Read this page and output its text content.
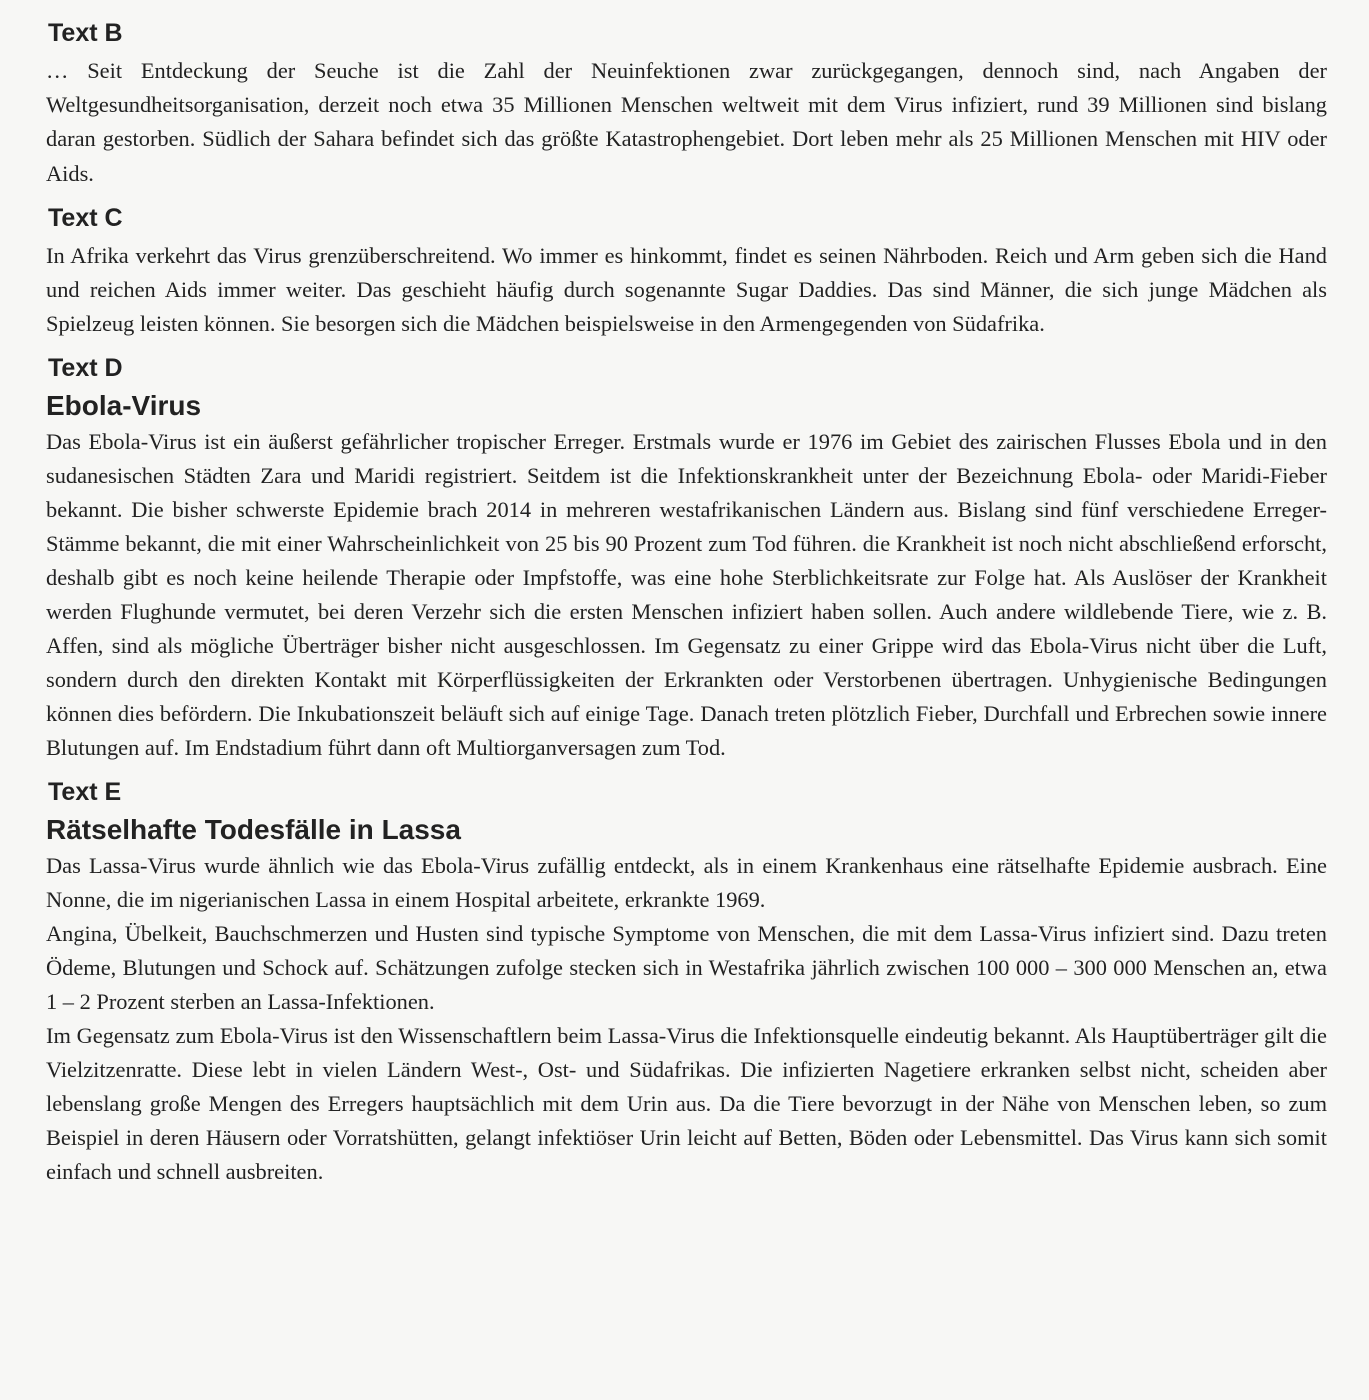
Text B

… Seit Entdeckung der Seuche ist die Zahl der Neuinfektionen zwar zurückgegangen, dennoch sind, nach Angaben der Weltgesundheitsorganisation, derzeit noch etwa 35 Millionen Menschen weltweit mit dem Virus infiziert, rund 39 Millionen sind bislang daran gestorben. Südlich der Sahara befindet sich das größte Katastrophengebiet. Dort leben mehr als 25 Millionen Menschen mit HIV oder Aids.

Text C

In Afrika verkehrt das Virus grenzüberschreitend. Wo immer es hinkommt, findet es seinen Nährboden. Reich und Arm geben sich die Hand und reichen Aids immer weiter. Das geschieht häufig durch sogenannte Sugar Daddies. Das sind Männer, die sich junge Mädchen als Spielzeug leisten können. Sie besorgen sich die Mädchen beispielsweise in den Armengegenden von Südafrika.

Text D
Ebola-Virus

Das Ebola-Virus ist ein äußerst gefährlicher tropischer Erreger. Erstmals wurde er 1976 im Gebiet des zairischen Flusses Ebola und in den sudanesischen Städten Zara und Maridi registriert. Seitdem ist die Infektionskrankheit unter der Bezeichnung Ebola- oder Maridi-Fieber bekannt. Die bisher schwerste Epidemie brach 2014 in mehreren westafrikanischen Ländern aus. Bislang sind fünf verschiedene Erreger-Stämme bekannt, die mit einer Wahrscheinlichkeit von 25 bis 90 Prozent zum Tod führen. die Krankheit ist noch nicht abschließend erforscht, deshalb gibt es noch keine heilende Therapie oder Impfstoffe, was eine hohe Sterblichkeitsrate zur Folge hat. Als Auslöser der Krankheit werden Flughunde vermutet, bei deren Verzehr sich die ersten Menschen infiziert haben sollen. Auch andere wildlebende Tiere, wie z. B. Affen, sind als mögliche Überträger bisher nicht ausgeschlossen. Im Gegensatz zu einer Grippe wird das Ebola-Virus nicht über die Luft, sondern durch den direkten Kontakt mit Körperflüssigkeiten der Erkrankten oder Verstorbenen übertragen. Unhygienische Bedingungen können dies befördern. Die Inkubationszeit beläuft sich auf einige Tage. Danach treten plötzlich Fieber, Durchfall und Erbrechen sowie innere Blutungen auf. Im Endstadium führt dann oft Multiorganversagen zum Tod.

Text E
Rätselhafte Todesfälle in Lassa

Das Lassa-Virus wurde ähnlich wie das Ebola-Virus zufällig entdeckt, als in einem Krankenhaus eine rätselhafte Epidemie ausbrach. Eine Nonne, die im nigerianischen Lassa in einem Hospital arbeitete, erkrankte 1969.

Angina, Übelkeit, Bauchschmerzen und Husten sind typische Symptome von Menschen, die mit dem Lassa-Virus infiziert sind. Dazu treten Ödeme, Blutungen und Schock auf. Schätzungen zufolge stecken sich in Westafrika jährlich zwischen 100 000 – 300 000 Menschen an, etwa 1 – 2 Prozent sterben an Lassa-Infektionen.

Im Gegensatz zum Ebola-Virus ist den Wissenschaftlern beim Lassa-Virus die Infektionsquelle eindeutig bekannt. Als Hauptüberträger gilt die Vielzitzenratte. Diese lebt in vielen Ländern West-, Ost- und Südafrikas. Die infizierten Nagetiere erkranken selbst nicht, scheiden aber lebenslang große Mengen des Erregers hauptsächlich mit dem Urin aus. Da die Tiere bevorzugt in der Nähe von Menschen leben, so zum Beispiel in deren Häusern oder Vorratshütten, gelangt infektiöser Urin leicht auf Betten, Böden oder Lebensmittel. Das Virus kann sich somit einfach und schnell ausbreiten.
